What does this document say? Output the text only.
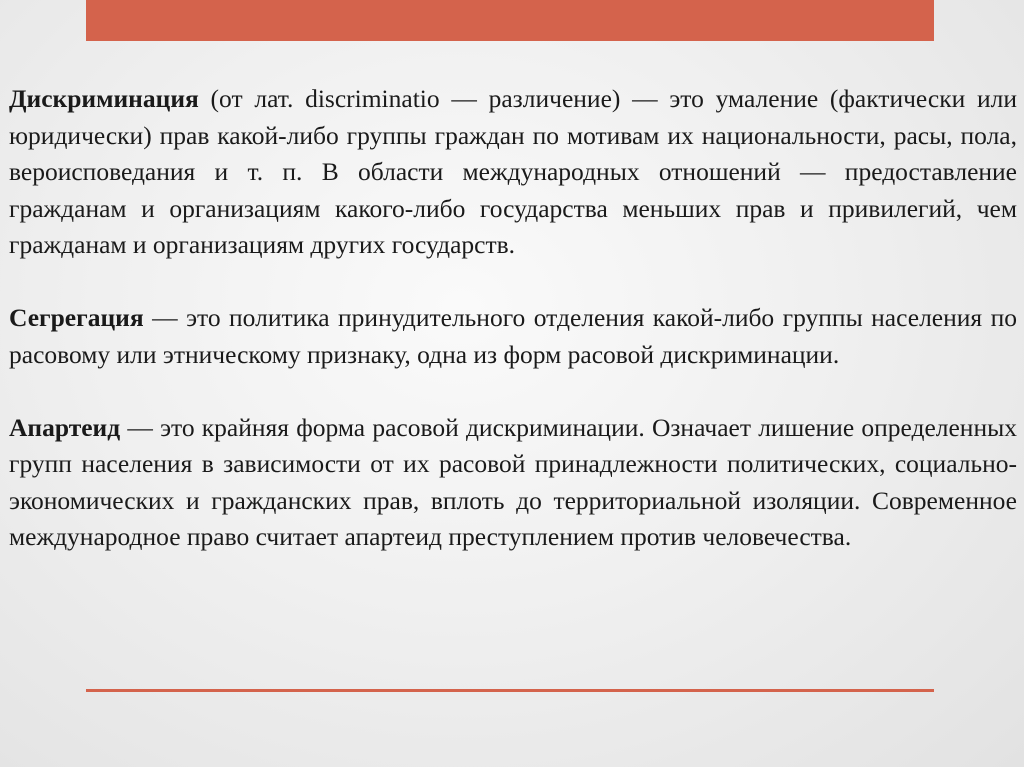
Дискриминация (от лат. discriminatio — различение) — это умаление (фактически или юридически) прав какой-либо группы граждан по мотивам их национальности, расы, пола, вероисповедания и т. п. В области международных отношений — предоставление гражданам и организациям какого-либо государства меньших прав и привилегий, чем гражданам и организациям других государств.

Сегрегация — это политика принудительного отделения какой-либо группы населения по расовому или этническому признаку, одна из форм расовой дискриминации.

Апартеид — это крайняя форма расовой дискриминации. Означает лишение определенных групп населения в зависимости от их расовой принадлежности политических, социально-экономических и гражданских прав, вплоть до территориальной изоляции. Современное международное право считает апартеид преступлением против человечества.
